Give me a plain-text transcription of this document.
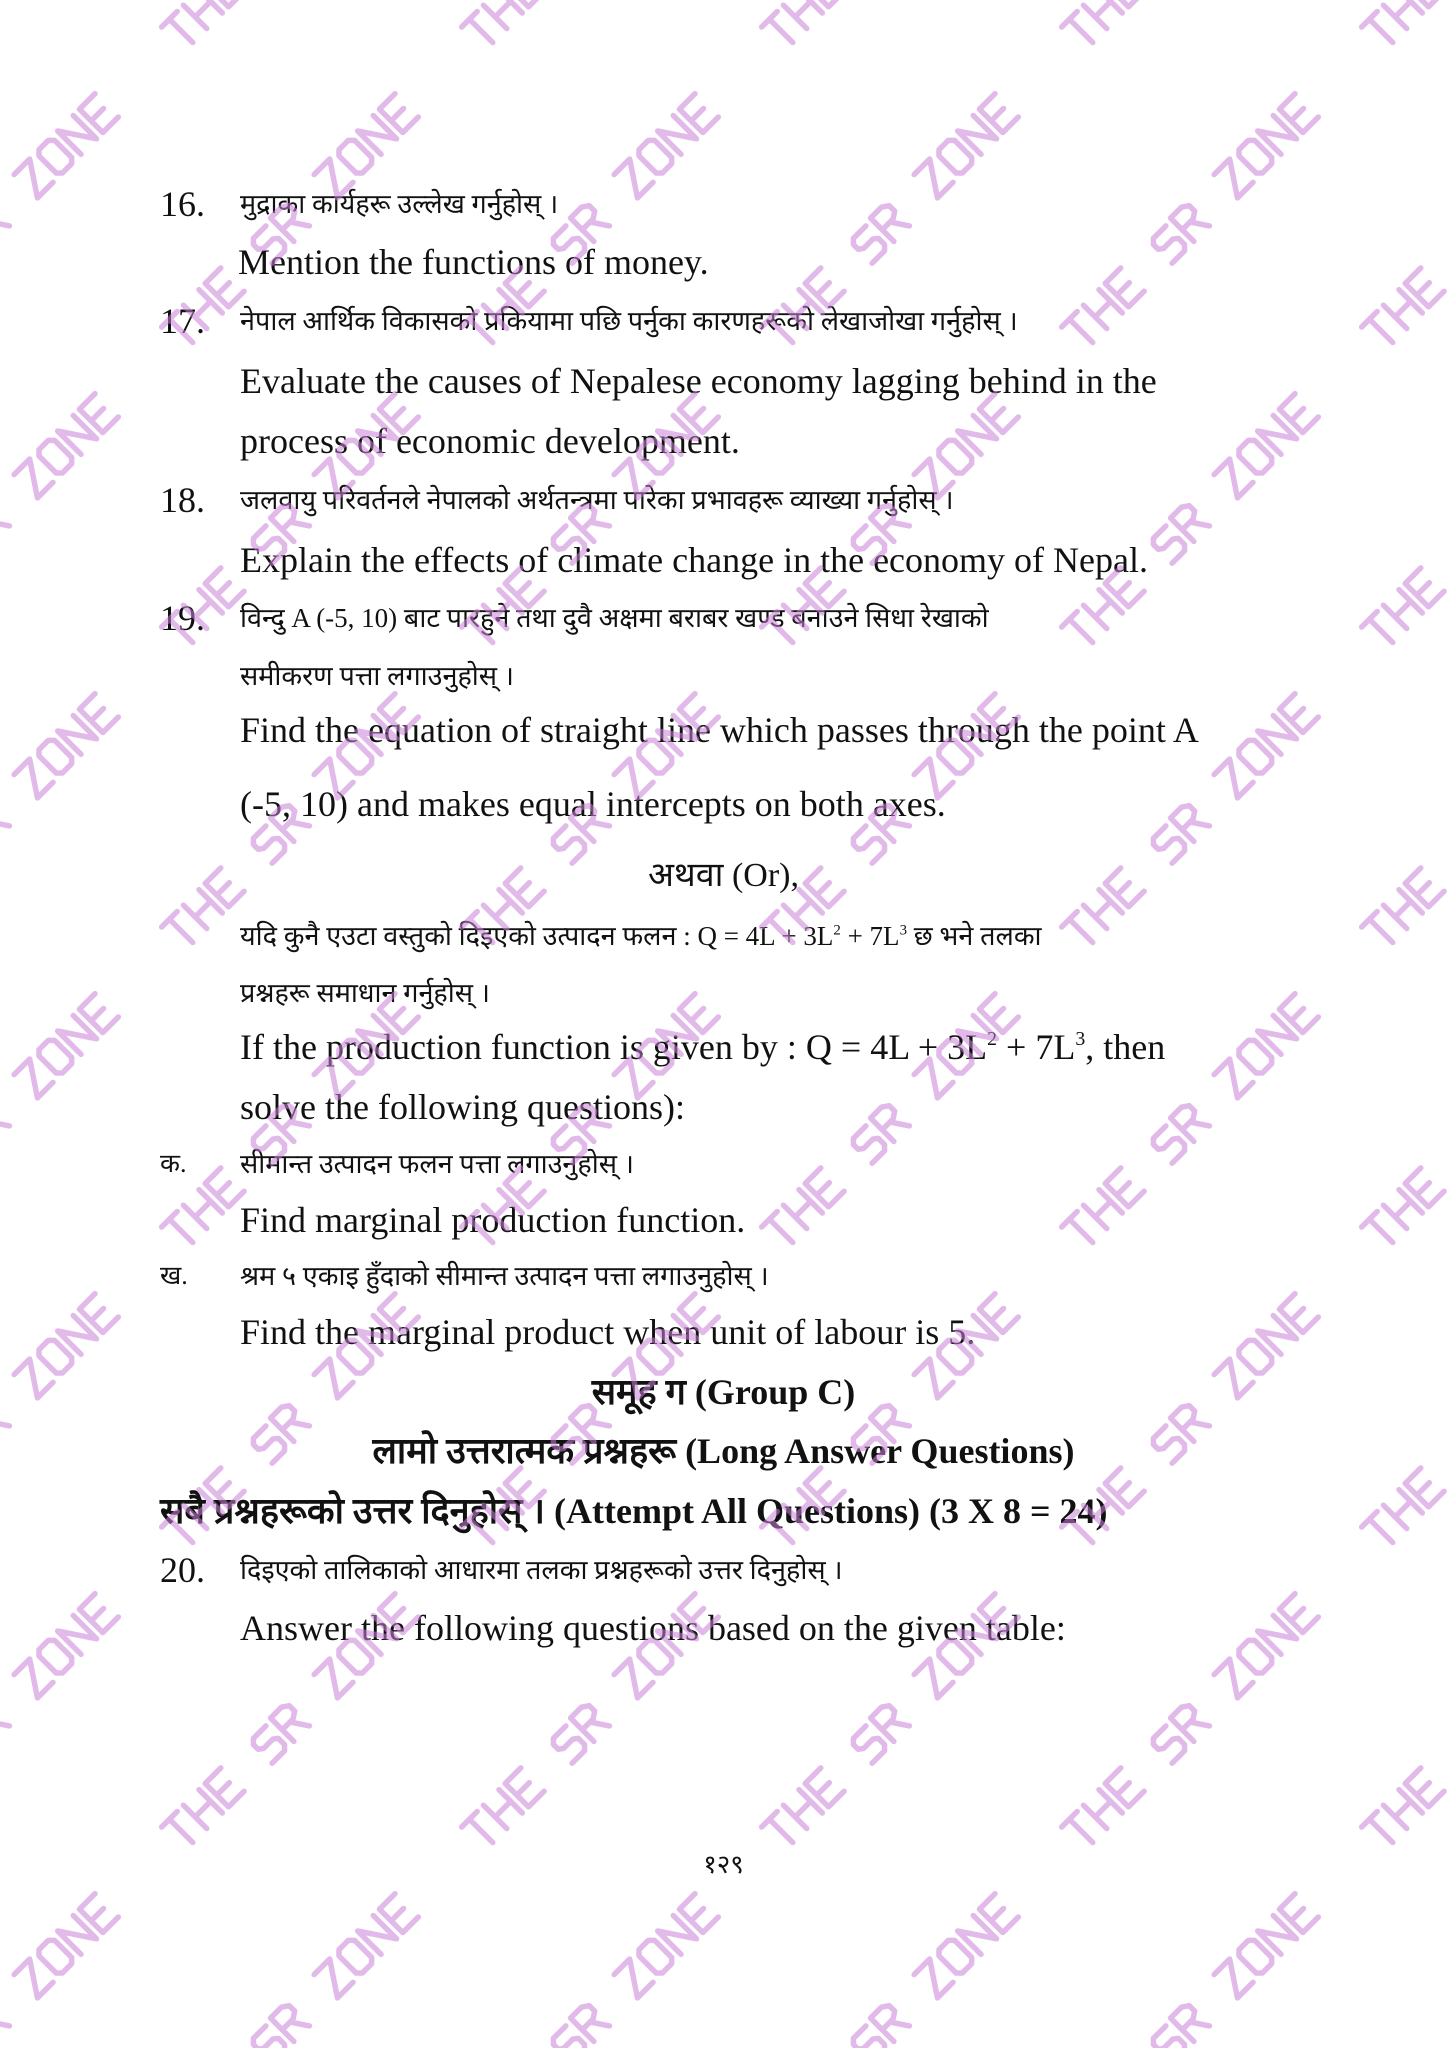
16. मुद्राका कार्यहरू उल्लेख गर्नुहोस् ।
Mention the functions of money.
17. नेपाल आर्थिक विकासको प्रकियामा पछि पर्नुका कारणहरूको लेखाजोखा गर्नुहोस् ।
Evaluate the causes of Nepalese economy lagging behind in the
process of economic development.
18. जलवायु परिवर्तनले नेपालको अर्थतन्त्रमा पारेका प्रभावहरू व्याख्या गर्नुहोस् ।
Explain the effects of climate change in the economy of Nepal.
19. विन्दु A (-5, 10) बाट पारहुने तथा दुवै अक्षमा बराबर खण्ड बनाउने सिधा रेखाको
समीकरण पत्ता लगाउनुहोस् ।
Find the equation of straight line which passes through the point A
(-5, 10) and makes equal intercepts on both axes.
अथवा (Or),
यदि कुनै एउटा वस्तुको दिइएको उत्पादन फलन : $Q = 4L + 3L^2 + 7L^3$ छ भने तलका
प्रश्नहरू समाधान गर्नुहोस् ।
If the production function is given by : $Q = 4L + 3L^2 + 7L^3$, then
solve the following questions):
क. सीमान्त उत्पादन फलन पत्ता लगाउनुहोस् ।
Find marginal production function.
ख. श्रम ५ एकाइ हुँदाको सीमान्त उत्पादन पत्ता लगाउनुहोस् ।
Find the marginal product when unit of labour is 5.
समूह ग (Group C)
लामो उत्तरात्मक प्रश्नहरू (Long Answer Questions)
सबै प्रश्नहरूको उत्तर दिनुहोस् । (Attempt All Questions) (3 X 8 = 24)
20. दिइएको तालिकाको आधारमा तलका प्रश्नहरूको उत्तर दिनुहोस् ।
Answer the following questions based on the given table:
१२९
